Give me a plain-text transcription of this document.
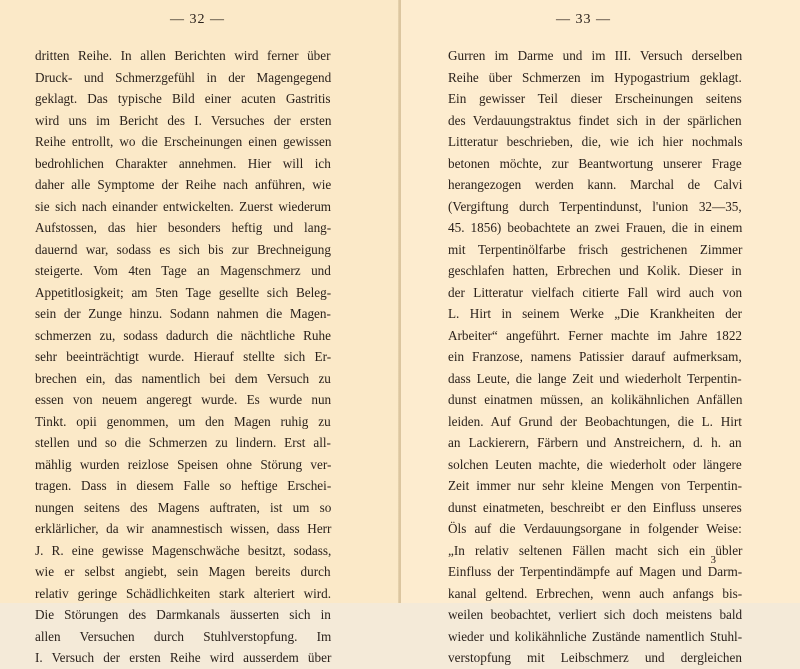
— 32 —
dritten Reihe. In allen Berichten wird ferner über
Druck- und Schmerzgefühl in der Magengegend
geklagt. Das typische Bild einer acuten Gastritis
wird uns im Bericht des I. Versuches der ersten
Reihe entrollt, wo die Erscheinungen einen gewissen
bedrohlichen Charakter annehmen. Hier will ich
daher alle Symptome der Reihe nach anführen, wie
sie sich nach einander entwickelten. Zuerst wiederum
Aufstossen, das hier besonders heftig und lang-
dauernd war, sodass es sich bis zur Brechneigung
steigerte. Vom 4ten Tage an Magenschmerz und
Appetitlosigkeit; am 5ten Tage gesellte sich Beleg-
sein der Zunge hinzu. Sodann nahmen die Magen-
schmerzen zu, sodass dadurch die nächtliche Ruhe
sehr beeinträchtigt wurde. Hierauf stellte sich Er-
brechen ein, das namentlich bei dem Versuch zu
essen von neuem angeregt wurde. Es wurde nun
Tinkt. opii genommen, um den Magen ruhig zu
stellen und so die Schmerzen zu lindern. Erst all-
mählig wurden reizlose Speisen ohne Störung ver-
tragen. Dass in diesem Falle so heftige Erschei-
nungen seitens des Magens auftraten, ist um so
erklärlicher, da wir anamnestisch wissen, dass Herr
J. R. eine gewisse Magenschwäche besitzt, sodass,
wie er selbst angiebt, sein Magen bereits durch
relativ geringe Schädlichkeiten stark alteriert wird.
Die Störungen des Darmkanals äusserten sich in
allen Versuchen durch Stuhlverstopfung. Im
I. Versuch der ersten Reihe wird ausserdem über
— 33 —
Gurren im Darme und im III. Versuch derselben
Reihe über Schmerzen im Hypogastrium geklagt.
Ein gewisser Teil dieser Erscheinungen seitens
des Verdauungstraktus findet sich in der spärlichen
Litteratur beschrieben, die, wie ich hier nochmals
betonen möchte, zur Beantwortung unserer Frage
herangezogen werden kann. Marchal de Calvi
(Vergiftung durch Terpentindunst, l'union 32—35,
45. 1856) beobachtete an zwei Frauen, die in einem
mit Terpentinölfarbe frisch gestrichenen Zimmer
geschlafen hatten, Erbrechen und Kolik. Dieser in
der Litteratur vielfach citierte Fall wird auch von
L. Hirt in seinem Werke „Die Krankheiten der
Arbeiter“ angeführt. Ferner machte im Jahre 1822
ein Franzose, namens Patissier darauf aufmerksam,
dass Leute, die lange Zeit und wiederholt Terpentin-
dunst einatmen müssen, an kolikähnlichen Anfällen
leiden. Auf Grund der Beobachtungen, die L. Hirt
an Lackierern, Färbern und Anstreichern, d. h. an
solchen Leuten machte, die wiederholt oder längere
Zeit immer nur sehr kleine Mengen von Terpentin-
dunst einatmeten, beschreibt er den Einfluss unseres
Öls auf die Verdauungsorgane in folgender Weise:
„In relativ seltenen Fällen macht sich ein übler
Einfluss der Terpentindämpfe auf Magen und Darm-
kanal geltend. Erbrechen, wenn auch anfangs bis-
weilen beobachtet, verliert sich doch meistens bald
wieder und kolikähnliche Zustände namentlich Stuhl-
verstopfung mit Leibschmerz und dergleichen
3
